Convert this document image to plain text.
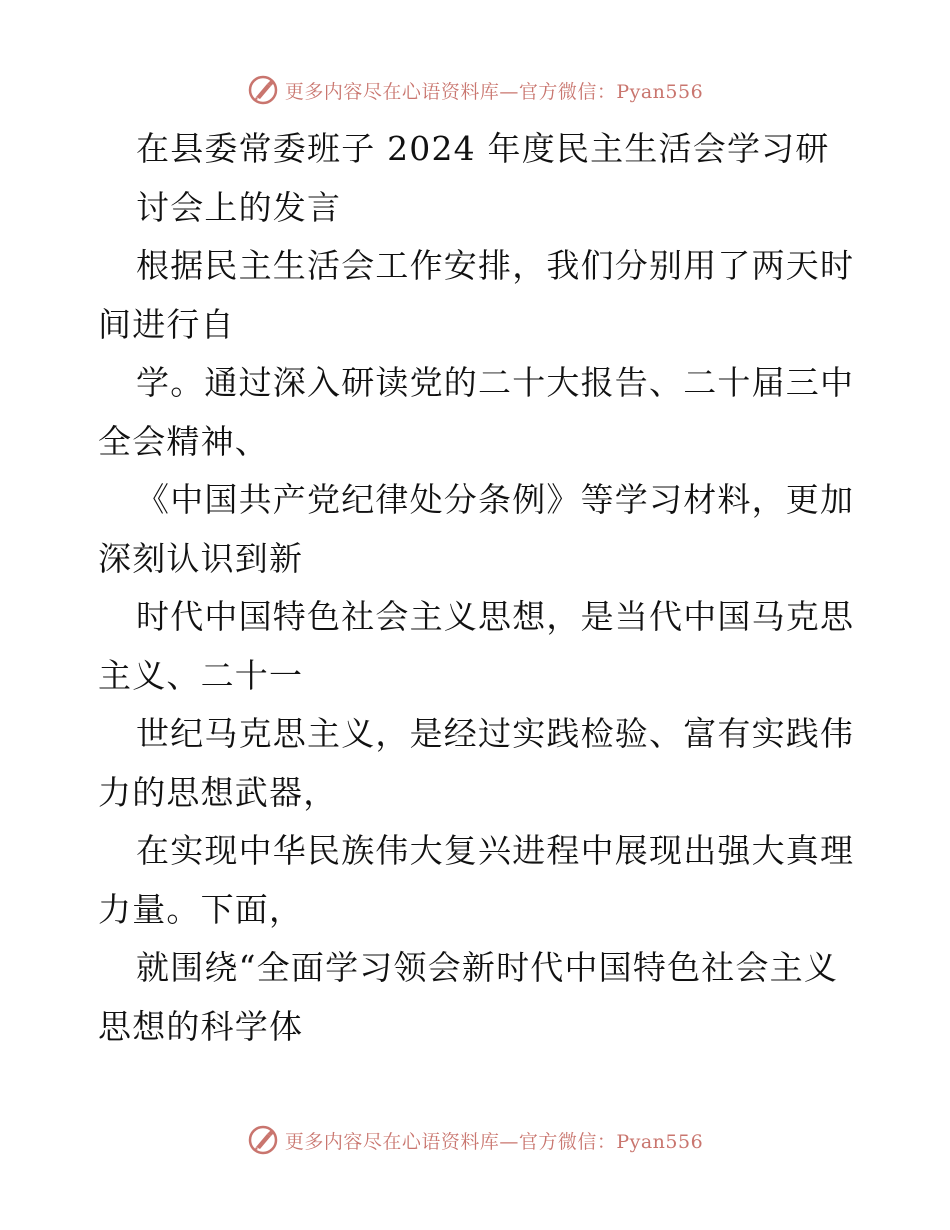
更多内容尽在心语资料库—官方微信：Pyan556
在县委常委班子 2024 年度民主生活会学习研
讨会上的发言
根据民主生活会工作安排，我们分别用了两天时
间进行自
学。通过深入研读党的二十大报告、二十届三中
全会精神、
《中国共产党纪律处分条例》等学习材料，更加
深刻认识到新
时代中国特色社会主义思想，是当代中国马克思
主义、二十一
世纪马克思主义，是经过实践检验、富有实践伟
力的思想武器，
在实现中华民族伟大复兴进程中展现出强大真理
力量。下面，
就围绕“全面学习领会新时代中国特色社会主义
思想的科学体
更多内容尽在心语资料库—官方微信：Pyan556
